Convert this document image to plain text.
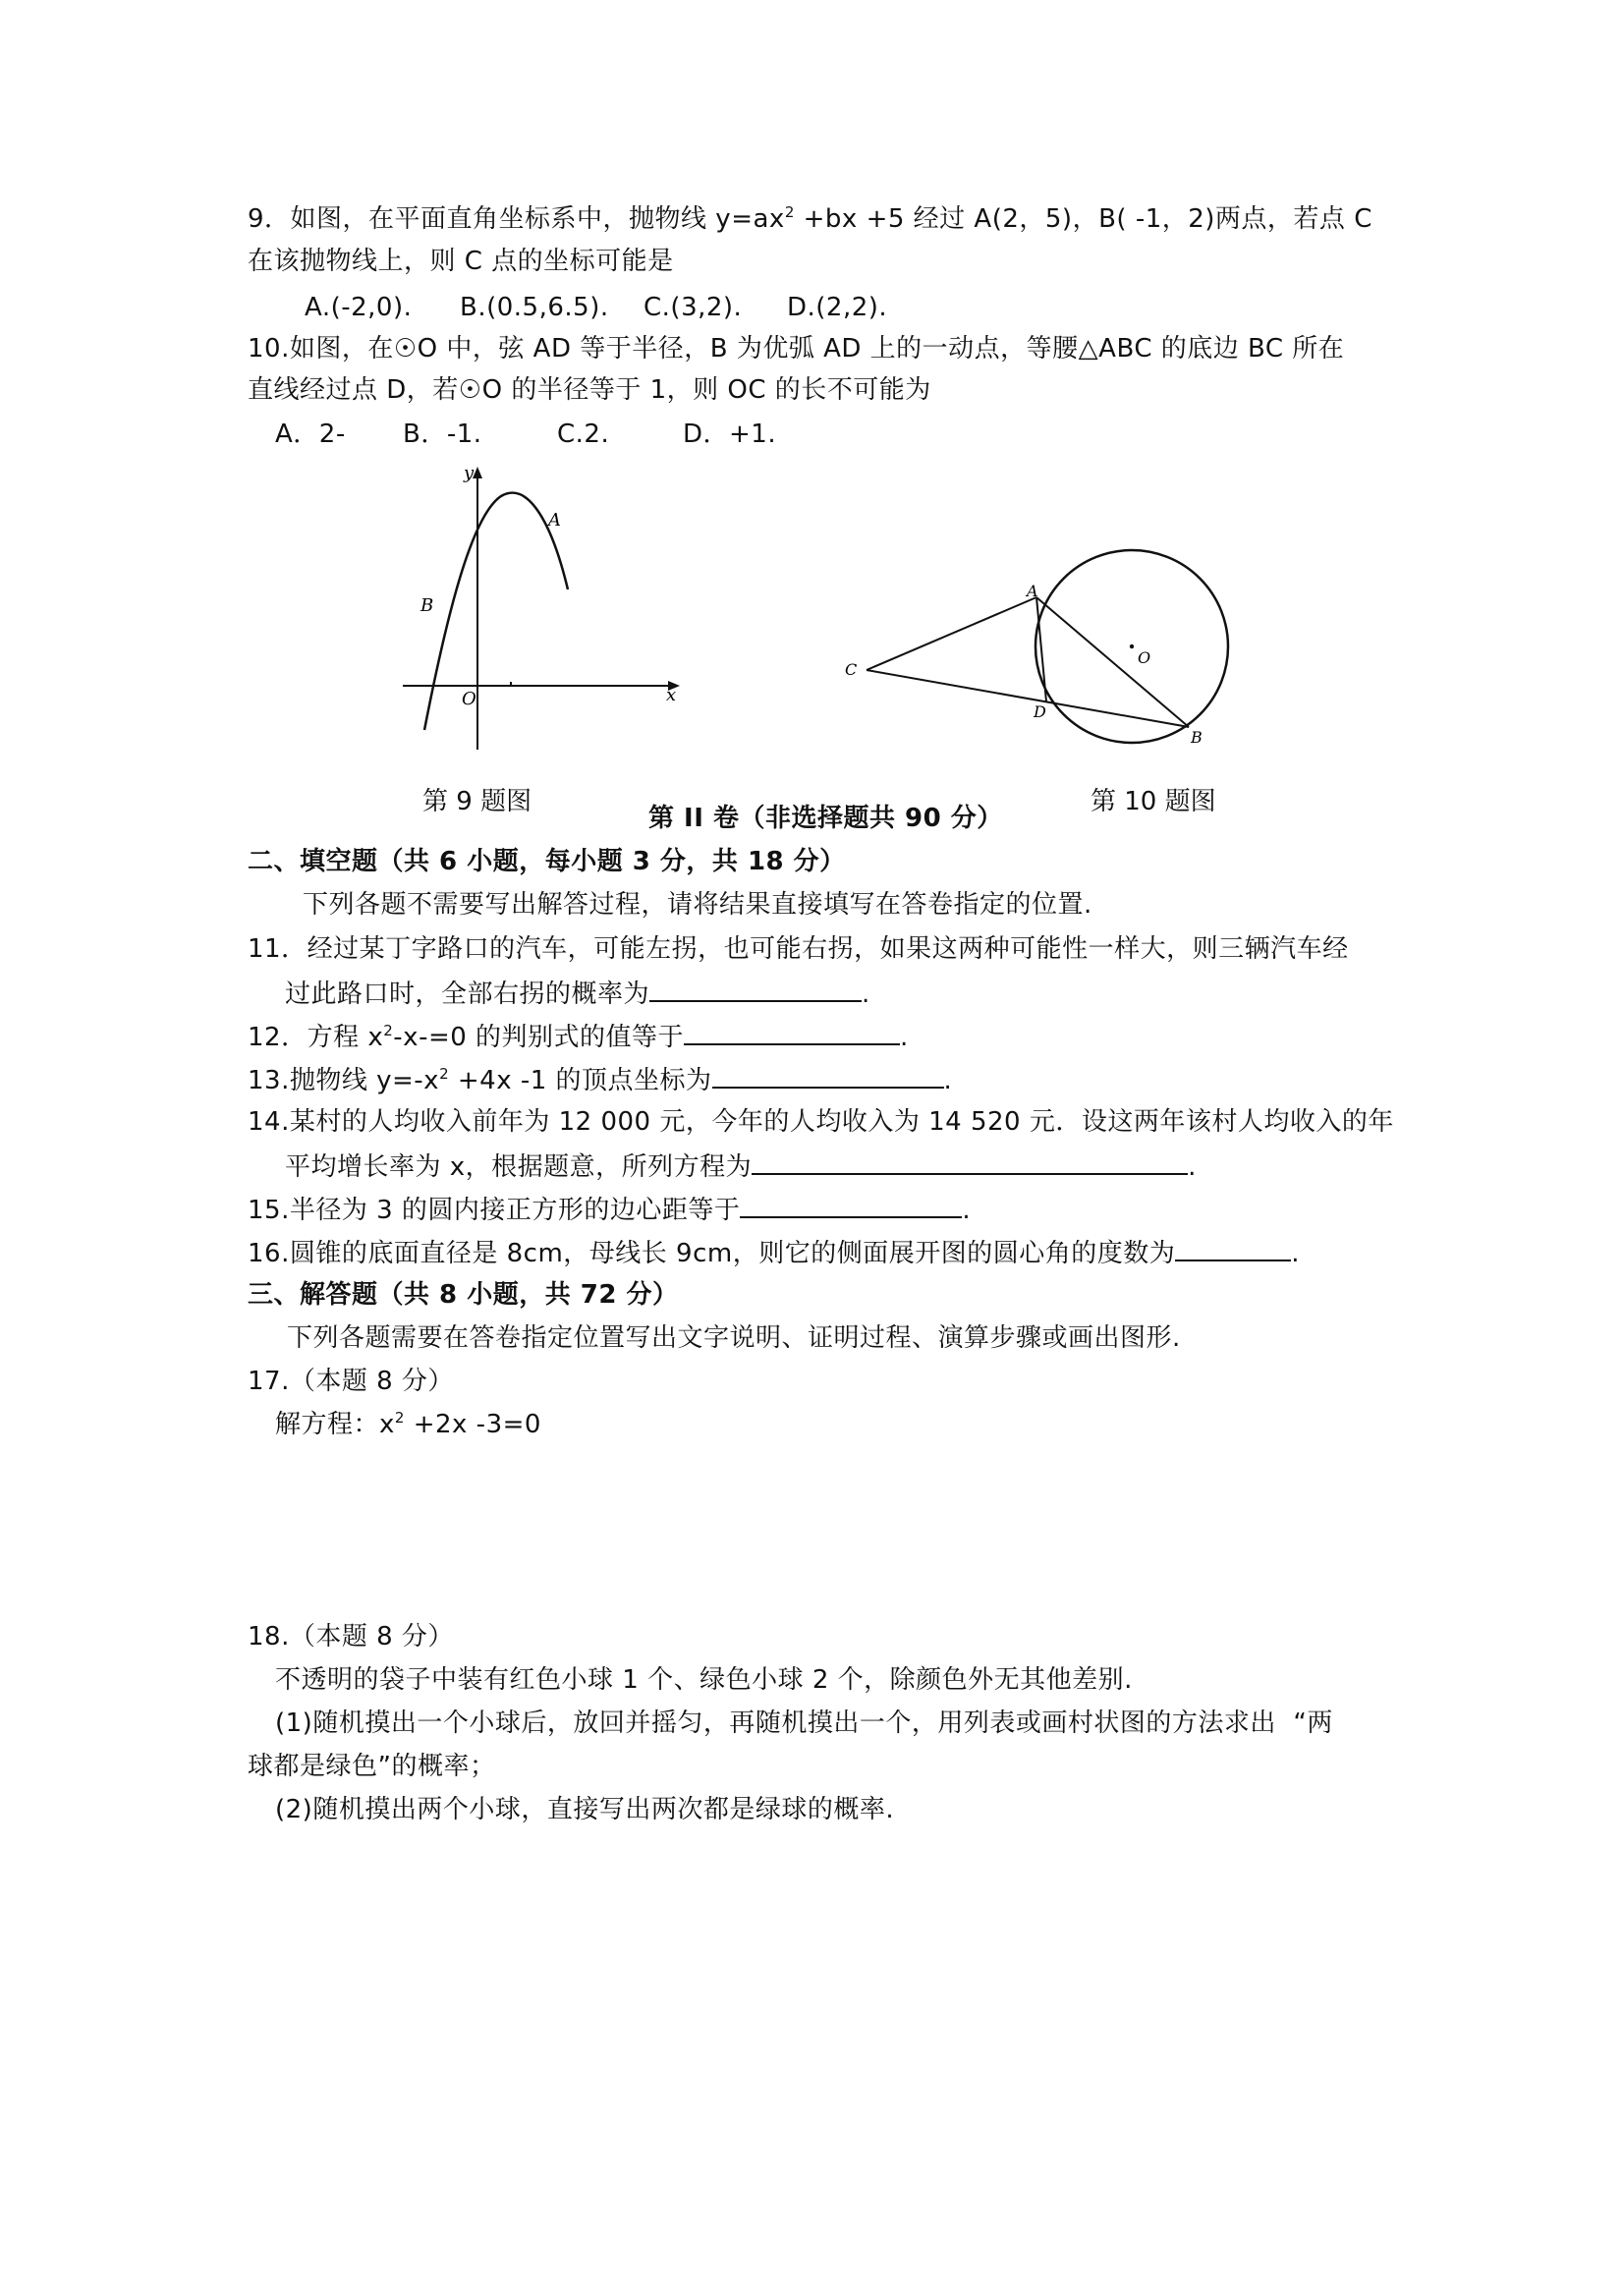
9．如图，在平面直角坐标系中，抛物线 $y=ax^2 +bx +5$ 经过 A(2，5)，B( -1，2)两点，若点 C

在该抛物线上，则 C 点的坐标可能是

A.(-2,0). B.(0.5,6.5). C.(3,2). D.(2,2).

10.如图，在☉O 中，弦 AD 等于半径，B 为优弧 AD 上的一动点，等腰△ABC 的底边 BC 所在

直线经过点 D，若☉O 的半径等于 1，则 OC 的长不可能为

A．2- B．-1.	C.2.	D．+1.

y
x
O
A
B

第 9 题图

A
B
C
D
O

第 10 题图

第 II 卷（非选择题共 90 分）

二、填空题（共 6 小题，每小题 3 分，共 18 分）

下列各题不需要写出解答过程，请将结果直接填写在答卷指定的位置.

11．经过某丁字路口的汽车，可能左拐，也可能右拐，如果这两种可能性一样大，则三辆汽车经

过此路口时，全部右拐的概率为	.

12．方程 $x^2-x-=0$ 的判别式的值等于	.

13.抛物线 $y=-x^2 +4x$ -1 的顶点坐标为	.

14.某村的人均收入前年为 12 000 元，今年的人均收入为 14 520 元．设这两年该村人均收入的年

平均增长率为 x，根据题意，所列方程为	.

15.半径为 3 的圆内接正方形的边心距等于	.

16.圆锥的底面直径是 8cm，母线长 9cm，则它的侧面展开图的圆心角的度数为	.

三、解答题（共 8 小题，共 72 分）

下列各题需要在答卷指定位置写出文字说明、证明过程、演算步骤或画出图形.

17.（本题 8 分）

解方程：$x^2 +2x$ -3=0

18.（本题 8 分）

不透明的袋子中装有红色小球 1 个、绿色小球 2 个，除颜色外无其他差别.

(1)随机摸出一个小球后，放回并摇匀，再随机摸出一个，用列表或画村状图的方法求出  “两

球都是绿色”的概率；

(2)随机摸出两个小球，直接写出两次都是绿球的概率.
